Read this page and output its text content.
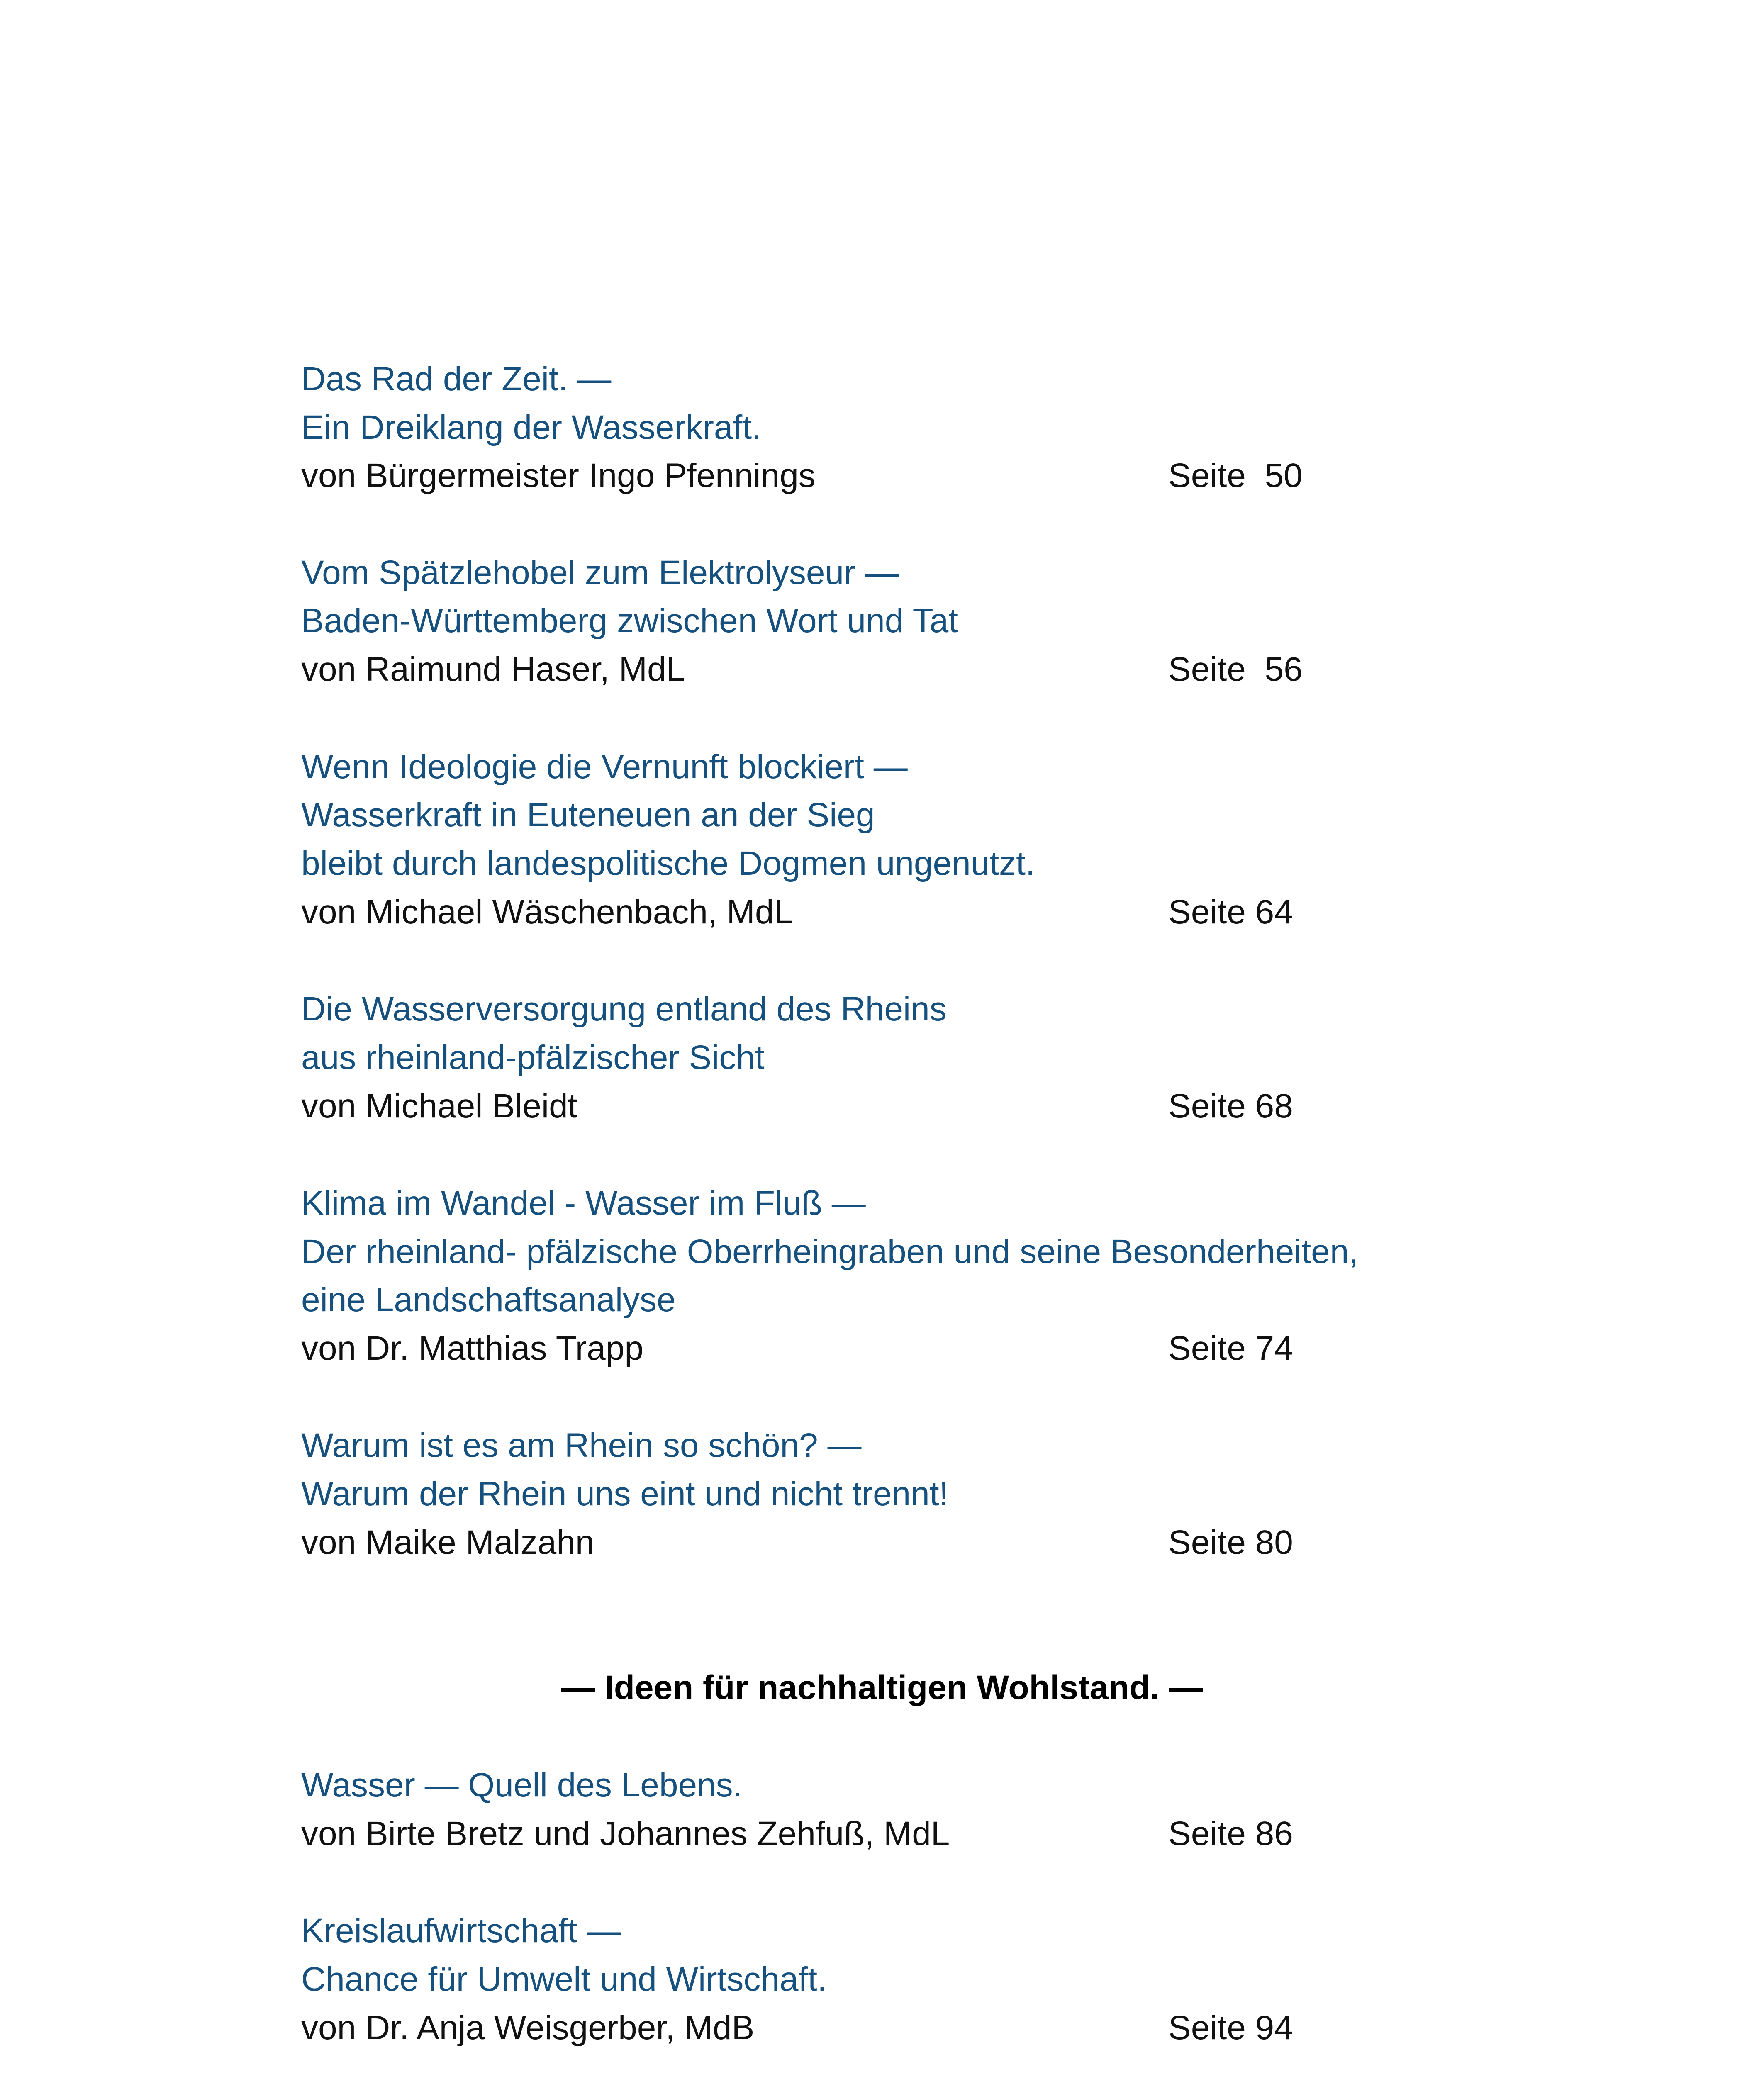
Das Rad der Zeit. —
Ein Dreiklang der Wasserkraft.
von Bürgermeister Ingo Pfennings	Seite  50
Vom Spätzlehobel zum Elektrolyseur —
Baden-Württemberg zwischen Wort und Tat
von Raimund Haser, MdL	Seite  56
Wenn Ideologie die Vernunft blockiert —
Wasserkraft in Euteneuen an der Sieg
bleibt durch landespolitische Dogmen ungenutzt.
von Michael Wäschenbach, MdL	Seite 64
Die Wasserversorgung entland des Rheins
aus rheinland-pfälzischer Sicht
von Michael Bleidt	Seite 68
Klima im Wandel - Wasser im Fluß —
Der rheinland- pfälzische Oberrheingraben und seine Besonderheiten,
eine Landschaftsanalyse
von Dr. Matthias Trapp	Seite 74
Warum ist es am Rhein so schön? —
Warum der Rhein uns eint und nicht trennt!
von Maike Malzahn	Seite 80
— Ideen für nachhaltigen Wohlstand. —
Wasser — Quell des Lebens.
von Birte Bretz und Johannes Zehfuß, MdL	Seite 86
Kreislaufwirtschaft —
Chance für Umwelt und Wirtschaft.
von Dr. Anja Weisgerber, MdB	Seite 94
